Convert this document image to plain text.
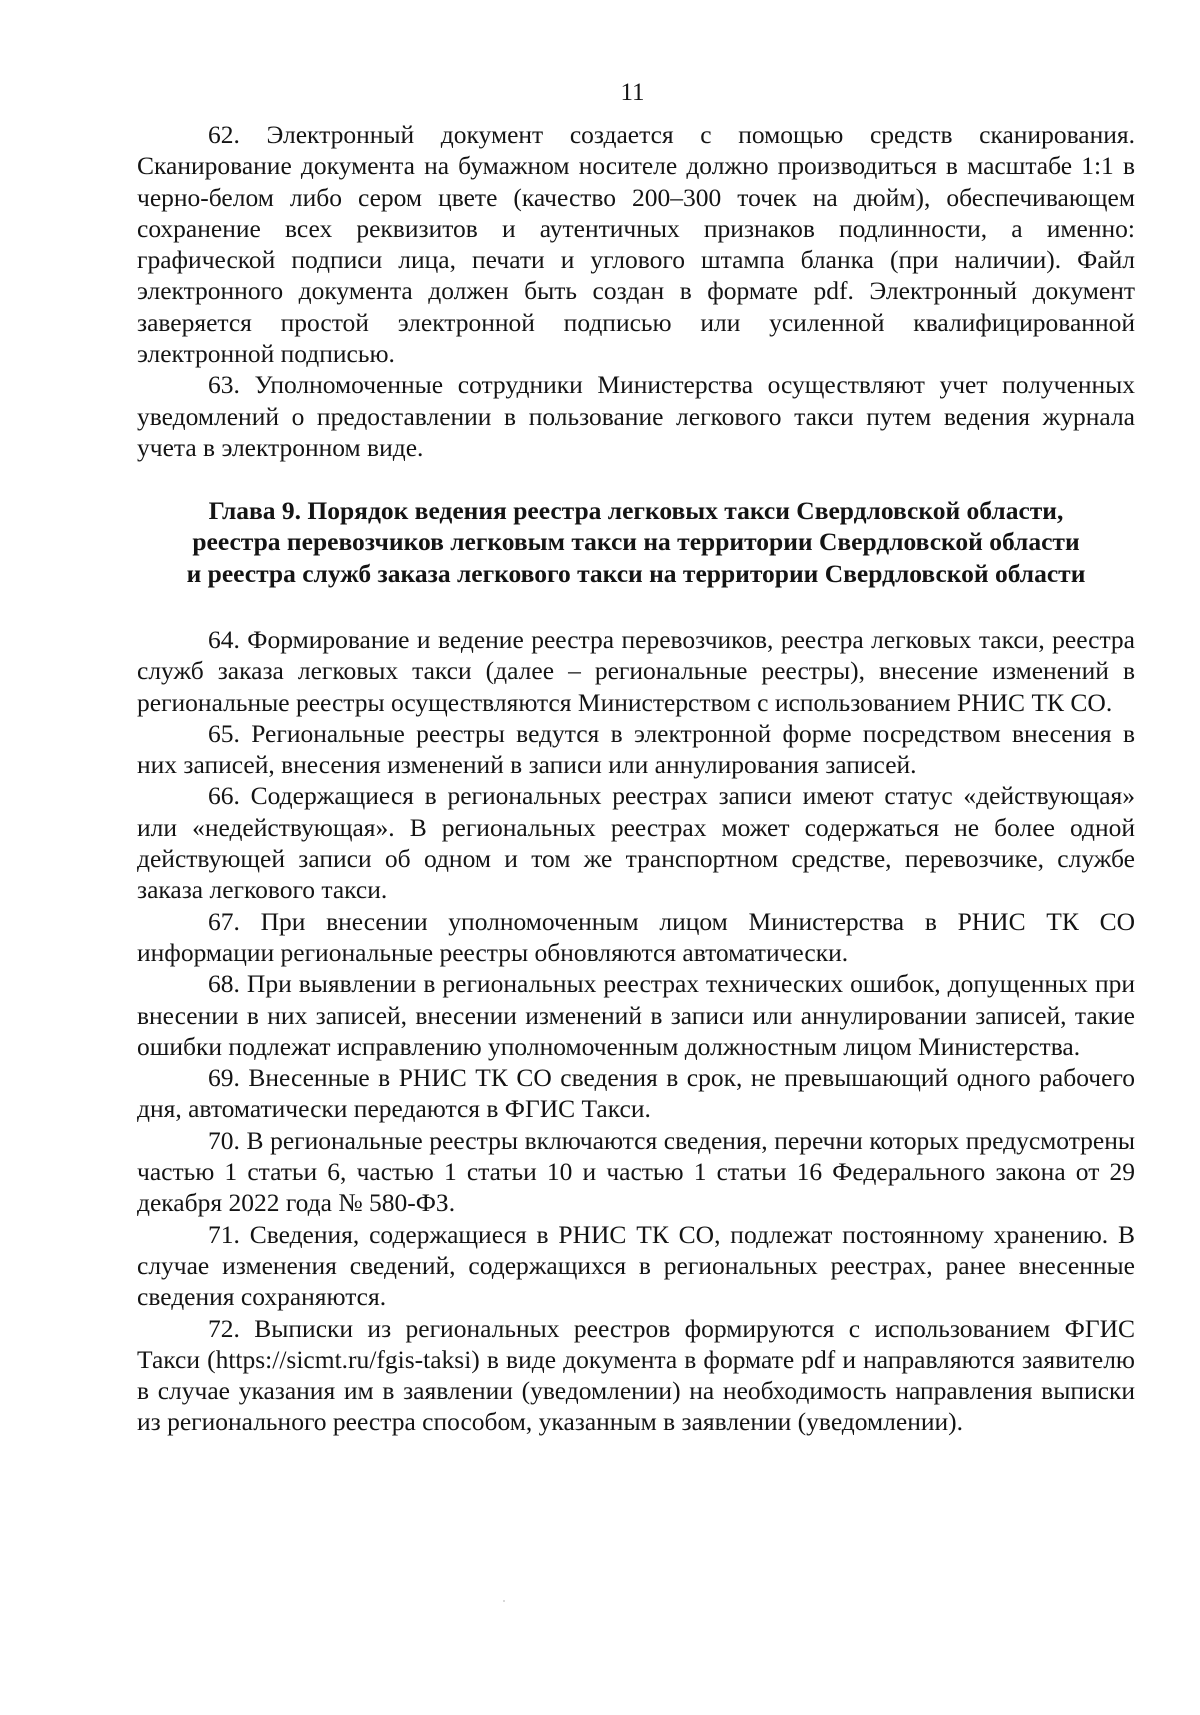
11

62. Электронный документ создается с помощью средств сканирования. Сканирование документа на бумажном носителе должно производиться в масштабе 1:1 в черно-белом либо сером цвете (качество 200–300 точек на дюйм), обеспечивающем сохранение всех реквизитов и аутентичных признаков подлинности, а именно: графической подписи лица, печати и углового штампа бланка (при наличии). Файл электронного документа должен быть создан в формате pdf. Электронный документ заверяется простой электронной подписью или усиленной квалифицированной электронной подписью.

63. Уполномоченные сотрудники Министерства осуществляют учет полученных уведомлений о предоставлении в пользование легкового такси путем ведения журнала учета в электронном виде.

Глава 9. Порядок ведения реестра легковых такси Свердловской области,
реестра перевозчиков легковым такси на территории Свердловской области
и реестра служб заказа легкового такси на территории Свердловской области

64. Формирование и ведение реестра перевозчиков, реестра легковых такси, реестра служб заказа легковых такси (далее – региональные реестры), внесение изменений в региональные реестры осуществляются Министерством с использованием РНИС ТК СО.

65. Региональные реестры ведутся в электронной форме посредством внесения в них записей, внесения изменений в записи или аннулирования записей.

66. Содержащиеся в региональных реестрах записи имеют статус «действующая» или «недействующая». В региональных реестрах может содержаться не более одной действующей записи об одном и том же транспортном средстве, перевозчике, службе заказа легкового такси.

67. При внесении уполномоченным лицом Министерства в РНИС ТК СО информации региональные реестры обновляются автоматически.

68. При выявлении в региональных реестрах технических ошибок, допущенных при внесении в них записей, внесении изменений в записи или аннулировании записей, такие ошибки подлежат исправлению уполномоченным должностным лицом Министерства.

69. Внесенные в РНИС ТК СО сведения в срок, не превышающий одного рабочего дня, автоматически передаются в ФГИС Такси.

70. В региональные реестры включаются сведения, перечни которых предусмотрены частью 1 статьи 6, частью 1 статьи 10 и частью 1 статьи 16 Федерального закона от 29 декабря 2022 года № 580-ФЗ.

71. Сведения, содержащиеся в РНИС ТК СО, подлежат постоянному хранению. В случае изменения сведений, содержащихся в региональных реестрах, ранее внесенные сведения сохраняются.

72. Выписки из региональных реестров формируются с использованием ФГИС Такси (https://sicmt.ru/fgis-taksi) в виде документа в формате pdf и направляются заявителю в случае указания им в заявлении (уведомлении) на необходимость направления выписки из регионального реестра способом, указанным в заявлении (уведомлении).
